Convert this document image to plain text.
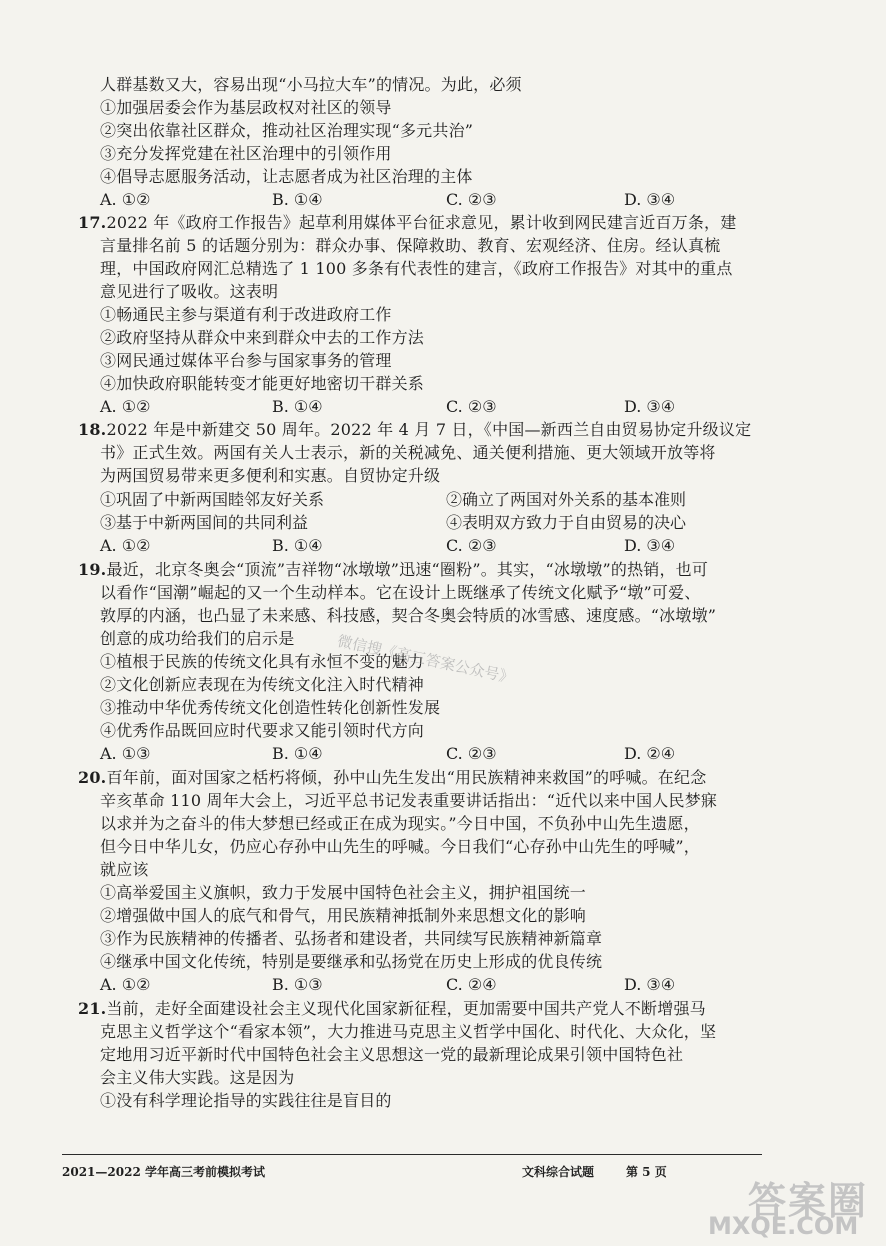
人群基数又大，容易出现“小马拉大车”的情况。为此，必须
①加强居委会作为基层政权对社区的领导
②突出依靠社区群众，推动社区治理实现“多元共治”
③充分发挥党建在社区治理中的引领作用
④倡导志愿服务活动，让志愿者成为社区治理的主体
A. ①②	B. ①④	C. ②③	D. ③④
17.2022 年《政府工作报告》起草利用媒体平台征求意见，累计收到网民建言近百万条，建
言量排名前 5 的话题分别为：群众办事、保障救助、教育、宏观经济、住房。经认真梳
理，中国政府网汇总精选了 1 100 多条有代表性的建言，《政府工作报告》对其中的重点
意见进行了吸收。这表明
①畅通民主参与渠道有利于改进政府工作
②政府坚持从群众中来到群众中去的工作方法
③网民通过媒体平台参与国家事务的管理
④加快政府职能转变才能更好地密切干群关系
A. ①②	B. ①④	C. ②③	D. ③④
18.2022 年是中新建交 50 周年。2022 年 4 月 7 日，《中国—新西兰自由贸易协定升级议定
书》正式生效。两国有关人士表示，新的关税减免、通关便利措施、更大领域开放等将
为两国贸易带来更多便利和实惠。自贸协定升级
①巩固了中新两国睦邻友好关系	②确立了两国对外关系的基本准则
③基于中新两国间的共同利益	④表明双方致力于自由贸易的决心
A. ①②	B. ①④	C. ②③	D. ③④
19.最近，北京冬奥会“顶流”吉祥物“冰墩墩”迅速“圈粉”。其实，“冰墩墩”的热销，也可
以看作“国潮”崛起的又一个生动样本。它在设计上既继承了传统文化赋予“墩”可爱、
敦厚的内涵，也凸显了未来感、科技感，契合冬奥会特质的冰雪感、速度感。“冰墩墩”
创意的成功给我们的启示是
①植根于民族的传统文化具有永恒不变的魅力
②文化创新应表现在为传统文化注入时代精神
③推动中华优秀传统文化创造性转化创新性发展
④优秀作品既回应时代要求又能引领时代方向
A. ①③	B. ①④	C. ②③	D. ②④
20.百年前，面对国家之栝朽将倾，孙中山先生发出“用民族精神来救国”的呼喊。在纪念
辛亥革命 110 周年大会上，习近平总书记发表重要讲话指出：“近代以来中国人民梦寐
以求并为之奋斗的伟大梦想已经或正在成为现实。”今日中国，不负孙中山先生遗愿，
但今日中华儿女，仍应心存孙中山先生的呼喊。今日我们“心存孙中山先生的呼喊”，
就应该
①高举爱国主义旗帜，致力于发展中国特色社会主义，拥护祖国统一
②增强做中国人的底气和骨气，用民族精神抵制外来思想文化的影响
③作为民族精神的传播者、弘扬者和建设者，共同续写民族精神新篇章
④继承中国文化传统，特别是要继承和弘扬党在历史上形成的优良传统
A. ①②	B. ①③	C. ②④	D. ③④
21.当前，走好全面建设社会主义现代化国家新征程，更加需要中国共产党人不断增强马
克思主义哲学这个“看家本领”，大力推进马克思主义哲学中国化、时代化、大众化，坚
定地用习近平新时代中国特色社会主义思想这一党的最新理论成果引领中国特色社
会主义伟大实践。这是因为
①没有科学理论指导的实践往往是盲目的
微信搜《高三答案公众号》
2021—2022 学年高三考前模拟考试	文科综合试题	第 5 页
答案圈
MXQE.COM
